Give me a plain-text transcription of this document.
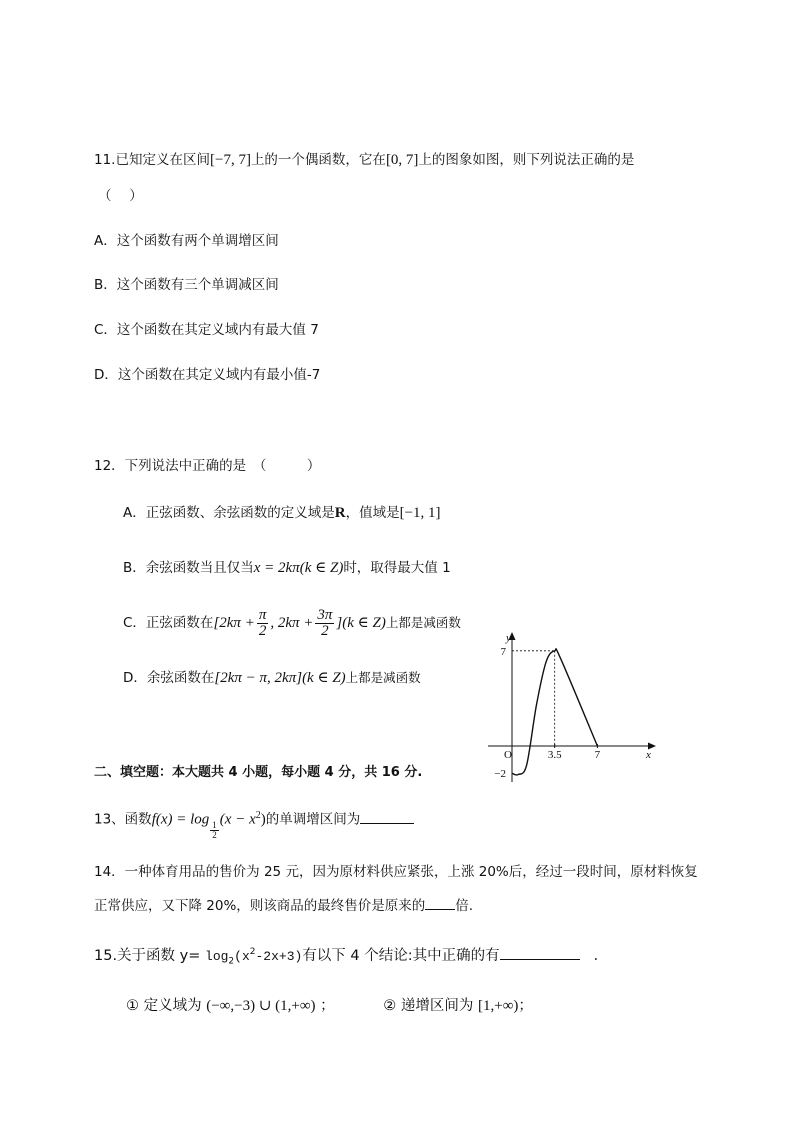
11.已知定义在区间[−7, 7]上的一个偶函数，它在[0, 7]上的图象如图，则下列说法正确的是
（　 ）
A．这个函数有两个单调增区间
B．这个函数有三个单调减区间
C．这个函数在其定义域内有最大值 7
D．这个函数在其定义域内有最小值-7
12．下列说法中正确的是　（　　　）
A．正弦函数、余弦函数的定义域是R，值域是[−1, 1]
B．余弦函数当且仅当x = 2kπ(k ∈ Z)时，取得最大值 1
C．正弦函数在[$2k\pi + \frac{\pi}{2}$ , $2k\pi + \frac{3\pi}{2} ](k$ ∈ Z)上都是减函数
D．余弦函数在[2kπ − π, 2kπ](k ∈ Z)上都是减函数
y
x
O	3.5	7
7
−2
二、填空题：本大题共 4 小题，每小题 4 分，共 16 分.
13、函数f(x) = log
$\frac{1}{2}$
$(x - x^2)$的单调增区间为
14．一种体育用品的售价为 25 元，因为原材料供应紧张，上涨 20%后，经过一段时间，原材料恢复
正常供应，又下降 20%，则该商品的最终售价是原来的 倍.
15.关于函数 $y= \log_2(x^2-2x+3)$有以下 4 个结论:其中正确的有	．
① 定义域为 (−∞,−3) ∪ (1,+∞) ；	② 递增区间为 [1,+∞)；
